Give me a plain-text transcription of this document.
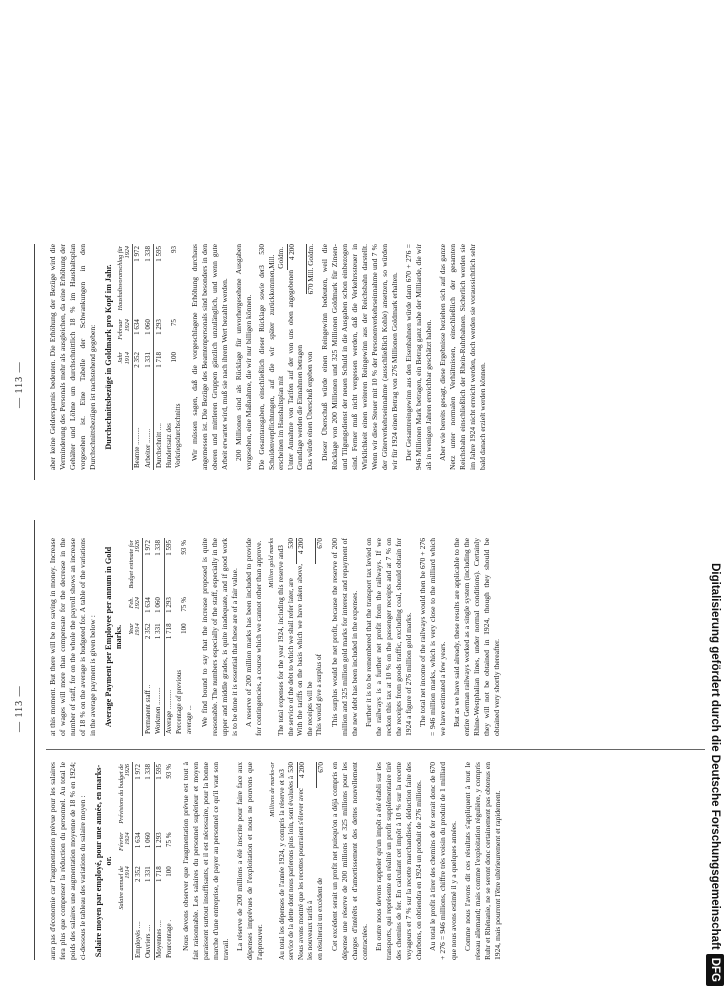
— 113 —

aura pas d'économie car l'augmentation prévue pour les salaires fera plus que compenser la réduction du personnel. Au total le poids des salaires une augmentation moyenne de 18 % en 1924; ci-dessous le tableau des variations du salaire moyen : Salaire moyen par employé, pour une année, en marks-or.
	Salaire annuel de 1914	Février 1924	Prévisions du budget de 1926
Employés ....	2 352	1 634	1 972
Ouvriers ....	1 331	1 060	1 338
Moyennes ....	1 718	1 293	1 595
Pourcentage .	100	75 %	93 % Nous devons observer que l'augmentation prévue est tout à fait raisonnable. Les salaires du personnel supérieur et moyen paraissent surtout insuffisants, et il est nécessaire, pour la bonne marche d'une entreprise, de payer au personnel ce qu'il vaut son travail. La réserve de 200 millions a été inscrite pour faire face aux dépenses imprévues de l'exploitation et nous ne pouvons que l'approuver.

Millions de marks-or Au total les dépenses de l'année 1924, y compris la réserve et le service de la dette dont nous parlerons plus loin, sont évaluées à
3 530
Nous avons montré que les recettes pourraient s'élever avec les nouveaux tarifs à
4 200
en résulterait un excédent de
670 Cet excédent serait un profit net puisqu'on a déjà compris en dépense une réserve de 200 millions et 325 millions pour les charges d'intérêts et d'amortissement des dettes nouvellement contractées. En outre nous devons rappeler qu'un impôt a été établi sur les transports, qui représente en réalité un profit supplémentaire tiré des chemins de fer. En calculant cet impôt à 10 % sur la recette voyageurs et 7 % sur la recette marchandises, déduction faite des charbons, on obtiendra en 1924 un produit de 276 millions. Au total le profit à tirer des chemins de fer serait donc de 670 + 276 = 946 millions, chiffre très voisin du produit de 1 milliard que nous avons estimé il y a quelques années. Comme nous l'avons dit ces résultats s'appliquent à tout le réseau allemand; mais comme l'exploitation régulière, y compris Ruhr et Rhénanie, ne se seront donc certainement pas obtenus en 1924, mais pourront l'être ultérieurement et rapidement.

at this moment. But there will be no saving in money. Increase of wages will more than compensate for the decrease in the number of staff, for on the whole the payroll shows an increase of 18 % on the average is budgeted for. A table of the variations in the average payment is given below : Average Payment per Employee per annum in Gold marks.
	Year 1914	Feb. 1924	Budget estimate for 1926
Permanent staff ..	2 352	1 634	1 972
Workmen ..........	1 331	1 060	1 338
Average ...........	1 718	1 293	1 595
Percentage of previous average ...	100	75 %	93 % We find bound to say that the increase proposed is quite reasonable. The numbers especially of the staff, especially in the upper and middle grades, is quite inadequate, and if good work is to be done it is essential that these are of a fair value. A reserve of 200 million marks has been included to provide for contingencies, a course which we cannot other than approve. Million gold marks The total expenses for the year 1924, including this reserve and the service of the debt to which we shall refer later, are
3 530
With the tariffs on the basis which we have taken above, the receipts will be
4 200
This would give a surplus of
670 This surplus would be net profit, because the reserve of 200 million and 325 million gold marks for interest and repayment of the new debt has been included in the expenses. Further it is to be remembered that the transport tax levied on the railways is a further net profit from the railways. If we reckon this tax at 10 % on the passenger receipts and at 7 % on the receipts from goods traffic, excluding coal, should obtain for 1924 a figure of 276 million gold marks. The total net income of the railways would then be 670 + 276 = 946 million marks, which is very close to the milliard which we have estimated a few years. But as we have said already, these results are applicable to the entire German railways worked as a single system (including the Rhine-Westphalian lines, under normal conditions). Certainly they will not be obtained in 1924, though they should be obtained very shortly thereafter.

— 113 —	aber keine Geldersparnis bedeuten. Die Erhöhung der Bezüge wird die Verminderung des Personals mehr als ausgleichen, da eine Erhöhung der Gehälter und Löhne um durchschnittlich 18 % im Haushaltsplan vorgesehen ist. Eine Tabelle der Schwankungen in den Durchschnittsbezügen ist nachstehend gegeben: Durchschnittsbezüge in Goldmark pro Kopf im Jahr.
	Jahr 1914	Februar 1924	Haushaltsvoranschlag für 1924
Beamte ..........	2 352	1 634	1 972
Arbeiter ........	1 331	1 060	1 338
Durchschnitt ....	1 718	1 293	1 595
Hundertsatz des Vorkriegsdurchschnitts	100	75	93 Wir müssen sagen, daß die vorgeschlagene Erhöhung durchaus angemessen ist. Die Bezüge des Beamtenpersonals sind besonders in den oberen und mittleren Gruppen gänzlich unzulänglich, und wenn gute Arbeit erwartet wird, muß sie nach ihrem Wert bezahlt werden. 200 Millionen sind als Rücklage für unvorhergesehene Ausgaben vorgesehen, eine Maßnahme, die wir nur billigen können. Die Gesamtausgaben, einschließlich dieser Rücklage sowie der Schuldenverpflichtungen, auf die wir später zurückkommen, erscheinen im Haushaltsplan mit
3 530 Mill. Goldm.
Unter Annahme von Tarifen auf der von uns oben angegebenen Grundlage werden die Einnahmen betragen
4 200
Das würde einen Überschuß ergeben von
670 Mill. Goldm. Dieser Überschuß würde einen Reingewinn bedeuten, weil die Rücklage von 200 Millionen und 325 Millionen Goldmark für Zinsen- und Tilgungsdienst der neuen Schuld in die Ausgaben schon einbezogen sind. Ferner muß nicht vergessen werden, daß die Verkehrssteuer in Wirklichkeit einen weiteren Reingewinn aus der Reichsbahn darstellt. Wenn wir diese Steuer mit 10 % der Personenverkehrseinnahme und 7 % der Güterverkehrseinnahme (ausschließlich Kohle) ansetzen, so würden wir für 1924 einen Betrag von 276 Millionen Goldmark erhalten. Der Gesamtreingewinn aus den Eisenbahnen würde dann 670 + 276 = 946 Millionen Mark betragen, ein Betrag ganz nahe der Milliarde, die wir als in wenigen Jahren erreichbar geschätzt haben. Aber wie bereits gesagt, diese Ergebnisse beziehen sich auf das ganze Netz unter normalen Verhältnissen, einschließlich der gesamten Reichsbahn einschließlich der Rhein-Ruhrbahnen. Sicherlich werden sie im Jahre 1924 nicht erreicht werden, doch werden sie voraussichtlich sehr bald danach erzielt werden können.

Digitalisierung gefördert durch die Deutsche ForschungsgemeinschaftDFG
